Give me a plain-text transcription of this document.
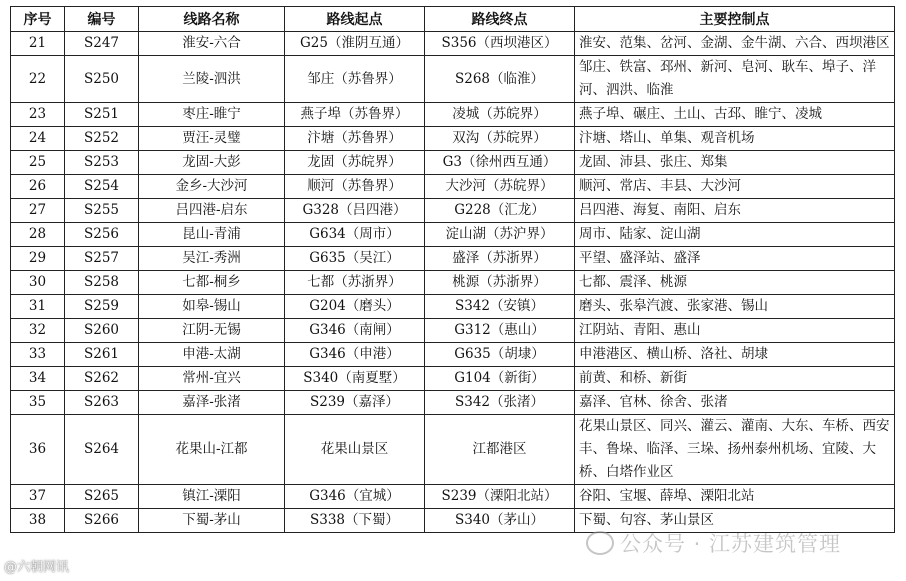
序号	编号	线路名称	路线起点	路线终点	主要控制点
21	S247	淮安-六合	G25（淮阴互通）	S356（西坝港区）	淮安、范集、岔河、金湖、金牛湖、六合、西坝港区
22	S250	兰陵-泗洪	邹庄（苏鲁界）	S268（临淮）	邹庄、铁富、邳州、新河、皂河、耿车、埠子、洋河、泗洪、临淮
23	S251	枣庄-睢宁	燕子埠（苏鲁界）	凌城（苏皖界）	燕子埠、碾庄、土山、古邳、睢宁、凌城
24	S252	贾汪-灵璧	汴塘（苏鲁界）	双沟（苏皖界）	汴塘、塔山、单集、观音机场
25	S253	龙固-大彭	龙固（苏皖界）	G3（徐州西互通）	龙固、沛县、张庄、郑集
26	S254	金乡-大沙河	顺河（苏鲁界）	大沙河（苏皖界）	顺河、常店、丰县、大沙河
27	S255	吕四港-启东	G328（吕四港）	G228（汇龙）	吕四港、海复、南阳、启东
28	S256	昆山-青浦	G634（周市）	淀山湖（苏沪界）	周市、陆家、淀山湖
29	S257	吴江-秀洲	G635（吴江）	盛泽（苏浙界）	平望、盛泽站、盛泽
30	S258	七都-桐乡	七都（苏浙界）	桃源（苏浙界）	七都、震泽、桃源
31	S259	如皋-锡山	G204（磨头）	S342（安镇）	磨头、张皋汽渡、张家港、锡山
32	S260	江阴-无锡	G346（南闸）	G312（惠山）	江阴站、青阳、惠山
33	S261	申港-太湖	G346（申港）	G635（胡埭）	申港港区、横山桥、洛社、胡埭
34	S262	常州-宜兴	S340（南夏墅）	G104（新街）	前黄、和桥、新街
35	S263	嘉泽-张渚	S239（嘉泽）	S342（张渚）	嘉泽、官林、徐舍、张渚
36	S264	花果山-江都	花果山景区	江都港区	花果山景区、同兴、灌云、灌南、大东、车桥、西安丰、鲁垛、临泽、三垛、扬州泰州机场、宜陵、大桥、白塔作业区
37	S265	镇江-溧阳	G346（宜城）	S239（溧阳北站）	谷阳、宝堰、薛埠、溧阳北站
38	S266	下蜀-茅山	S338（下蜀）	S340（茅山）	下蜀、句容、茅山景区
@六朝网讯
公众号 · 江苏建筑管理
